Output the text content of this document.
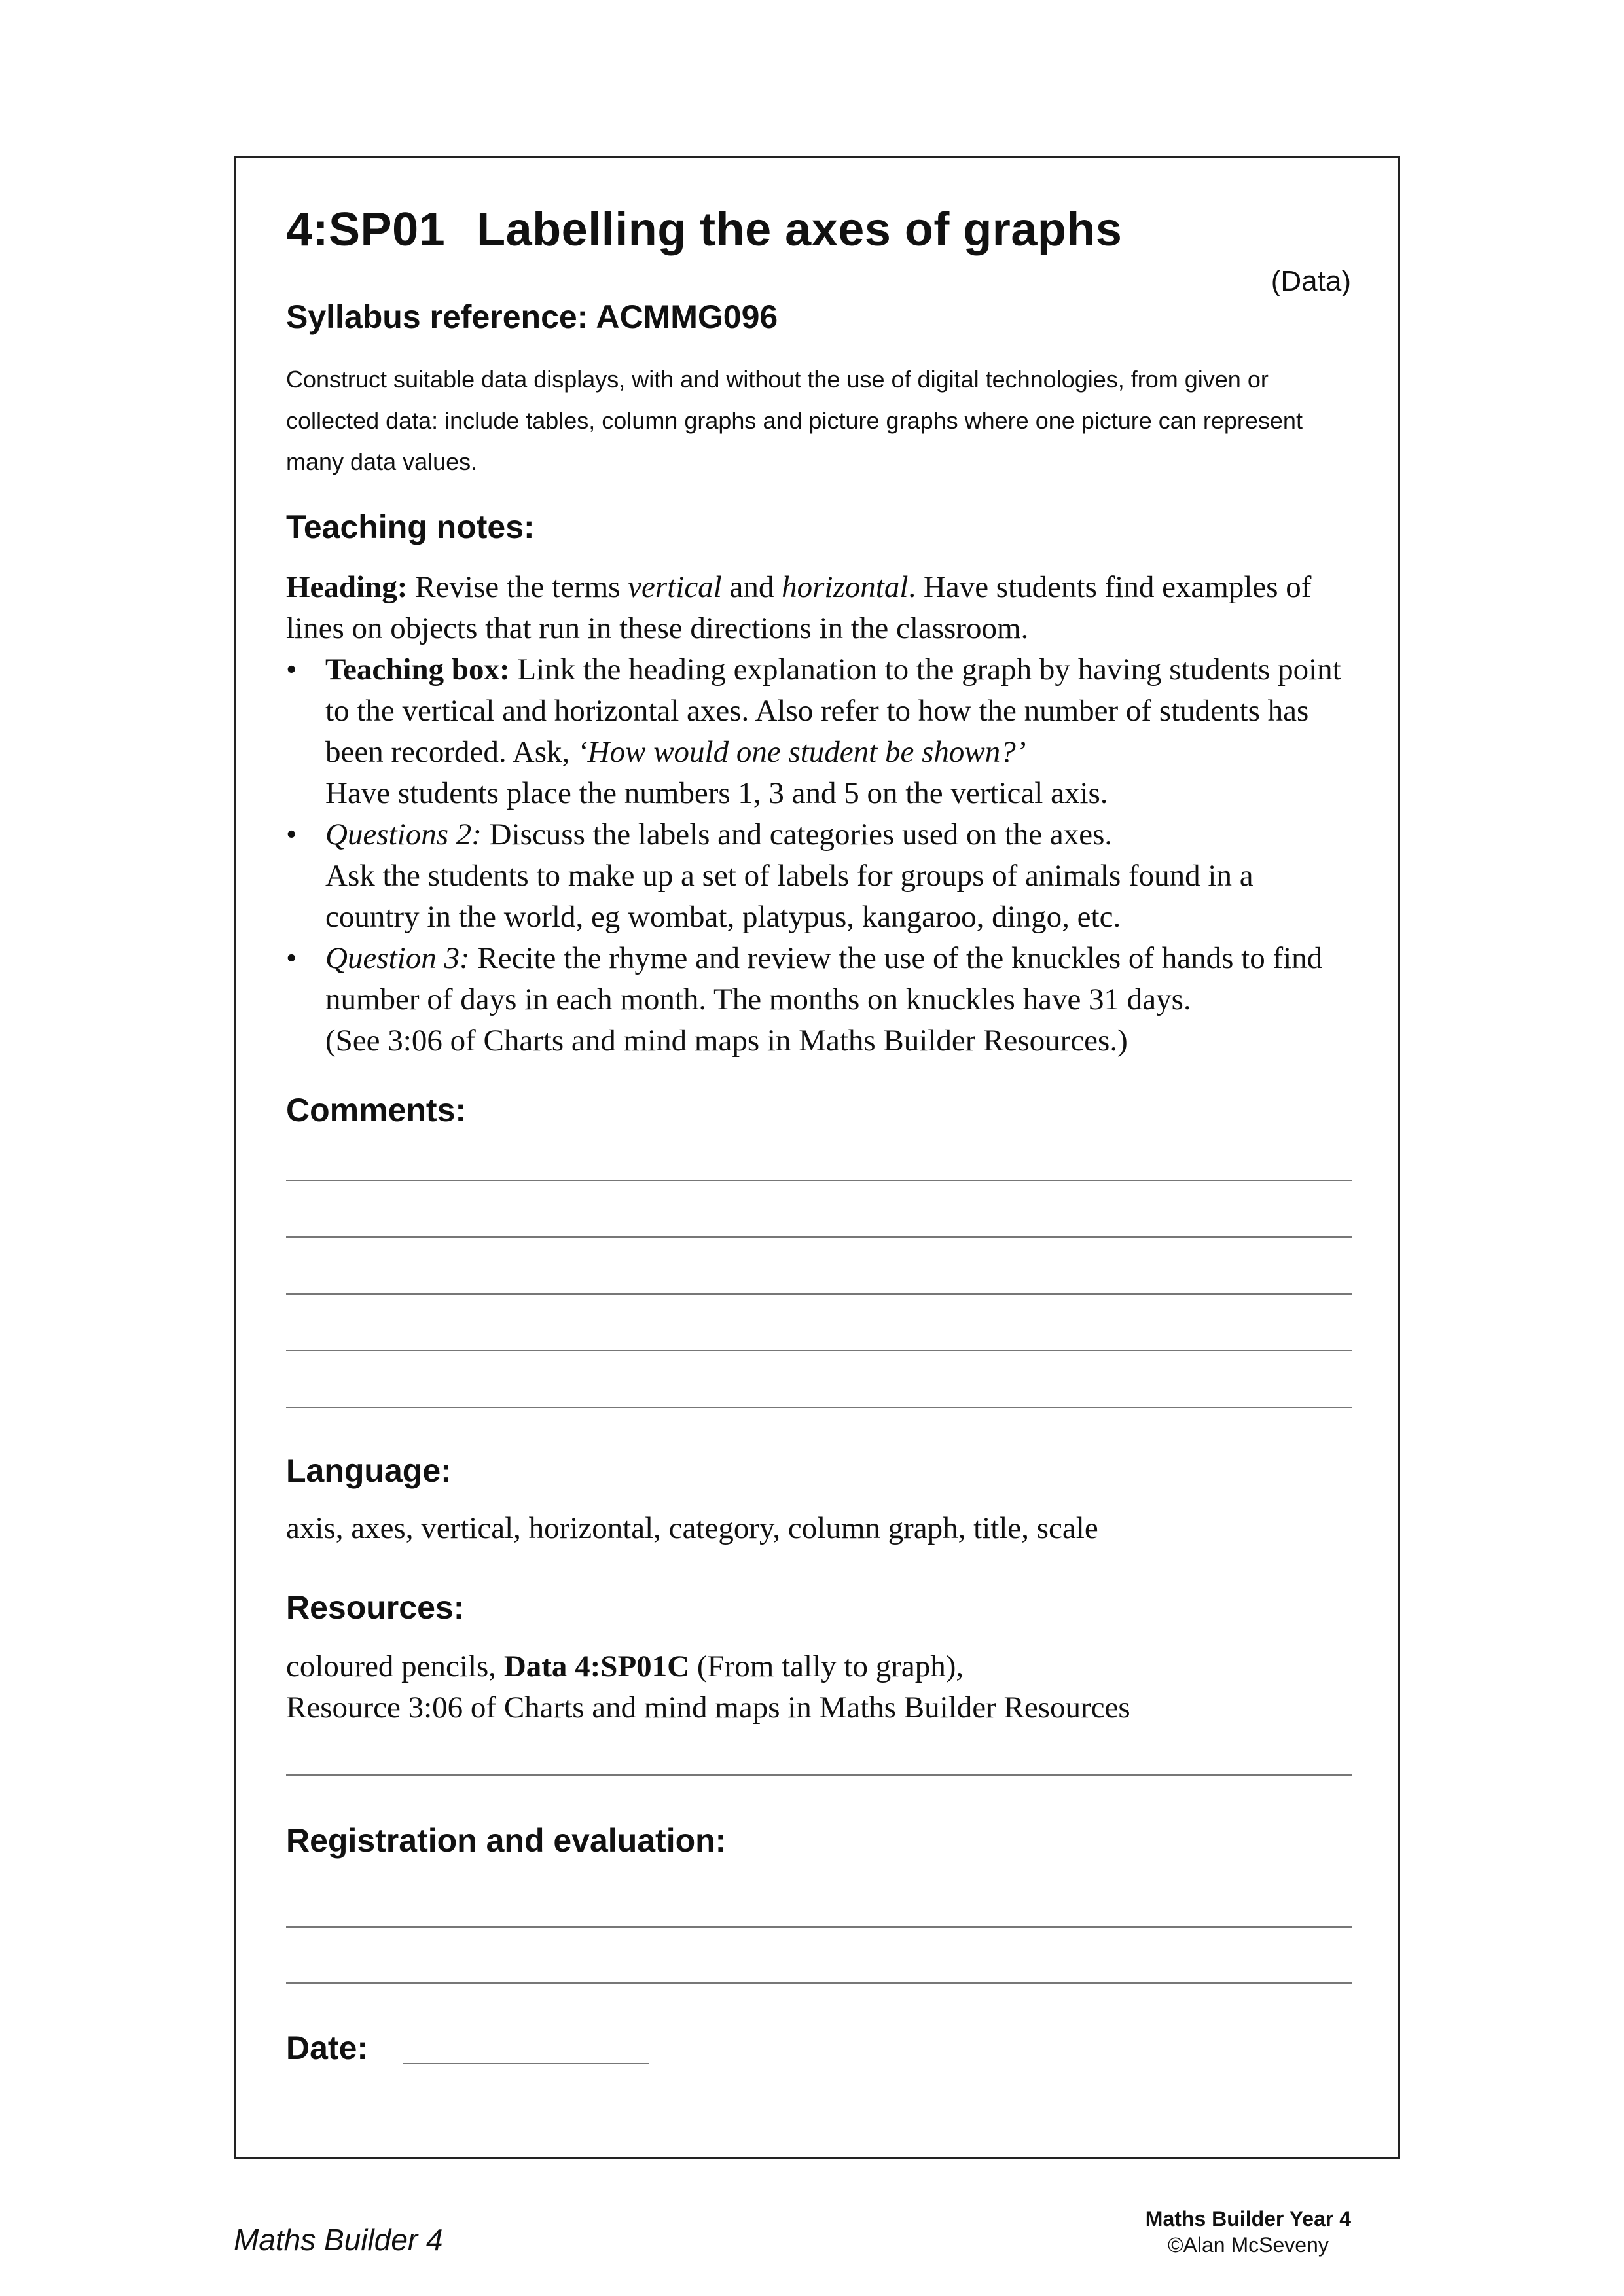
4:SP01 Labelling the axes of graphs
(Data)
Syllabus reference: ACMMG096
Construct suitable data displays, with and without the use of digital technologies, from given or collected data: include tables, column graphs and picture graphs where one picture can represent many data values.
Teaching notes:

Heading: Revise the terms vertical and horizontal. Have students find examples of lines on objects that run in these directions in the classroom.

• Teaching box: Link the heading explanation to the graph by having students point to the vertical and horizontal axes. Also refer to how the number of students has been recorded. Ask, ‘How would one student be shown?’
Have students place the numbers 1, 3 and 5 on the vertical axis.
• Questions 2: Discuss the labels and categories used on the axes.
Ask the students to make up a set of labels for groups of animals found in a country in the world, eg wombat, platypus, kangaroo, dingo, etc.
• Question 3: Recite the rhyme and review the use of the knuckles of hands to find number of days in each month. The months on knuckles have 31 days.
(See 3:06 of Charts and mind maps in Maths Builder Resources.)
Comments:
Language:
axis, axes, vertical, horizontal, category, column graph, title, scale
Resources:
coloured pencils, Data 4:SP01C (From tally to graph),
Resource 3:06 of Charts and mind maps in Maths Builder Resources
Registration and evaluation:
Date:
Maths Builder 4
Maths Builder Year 4
©Alan McSeveny
